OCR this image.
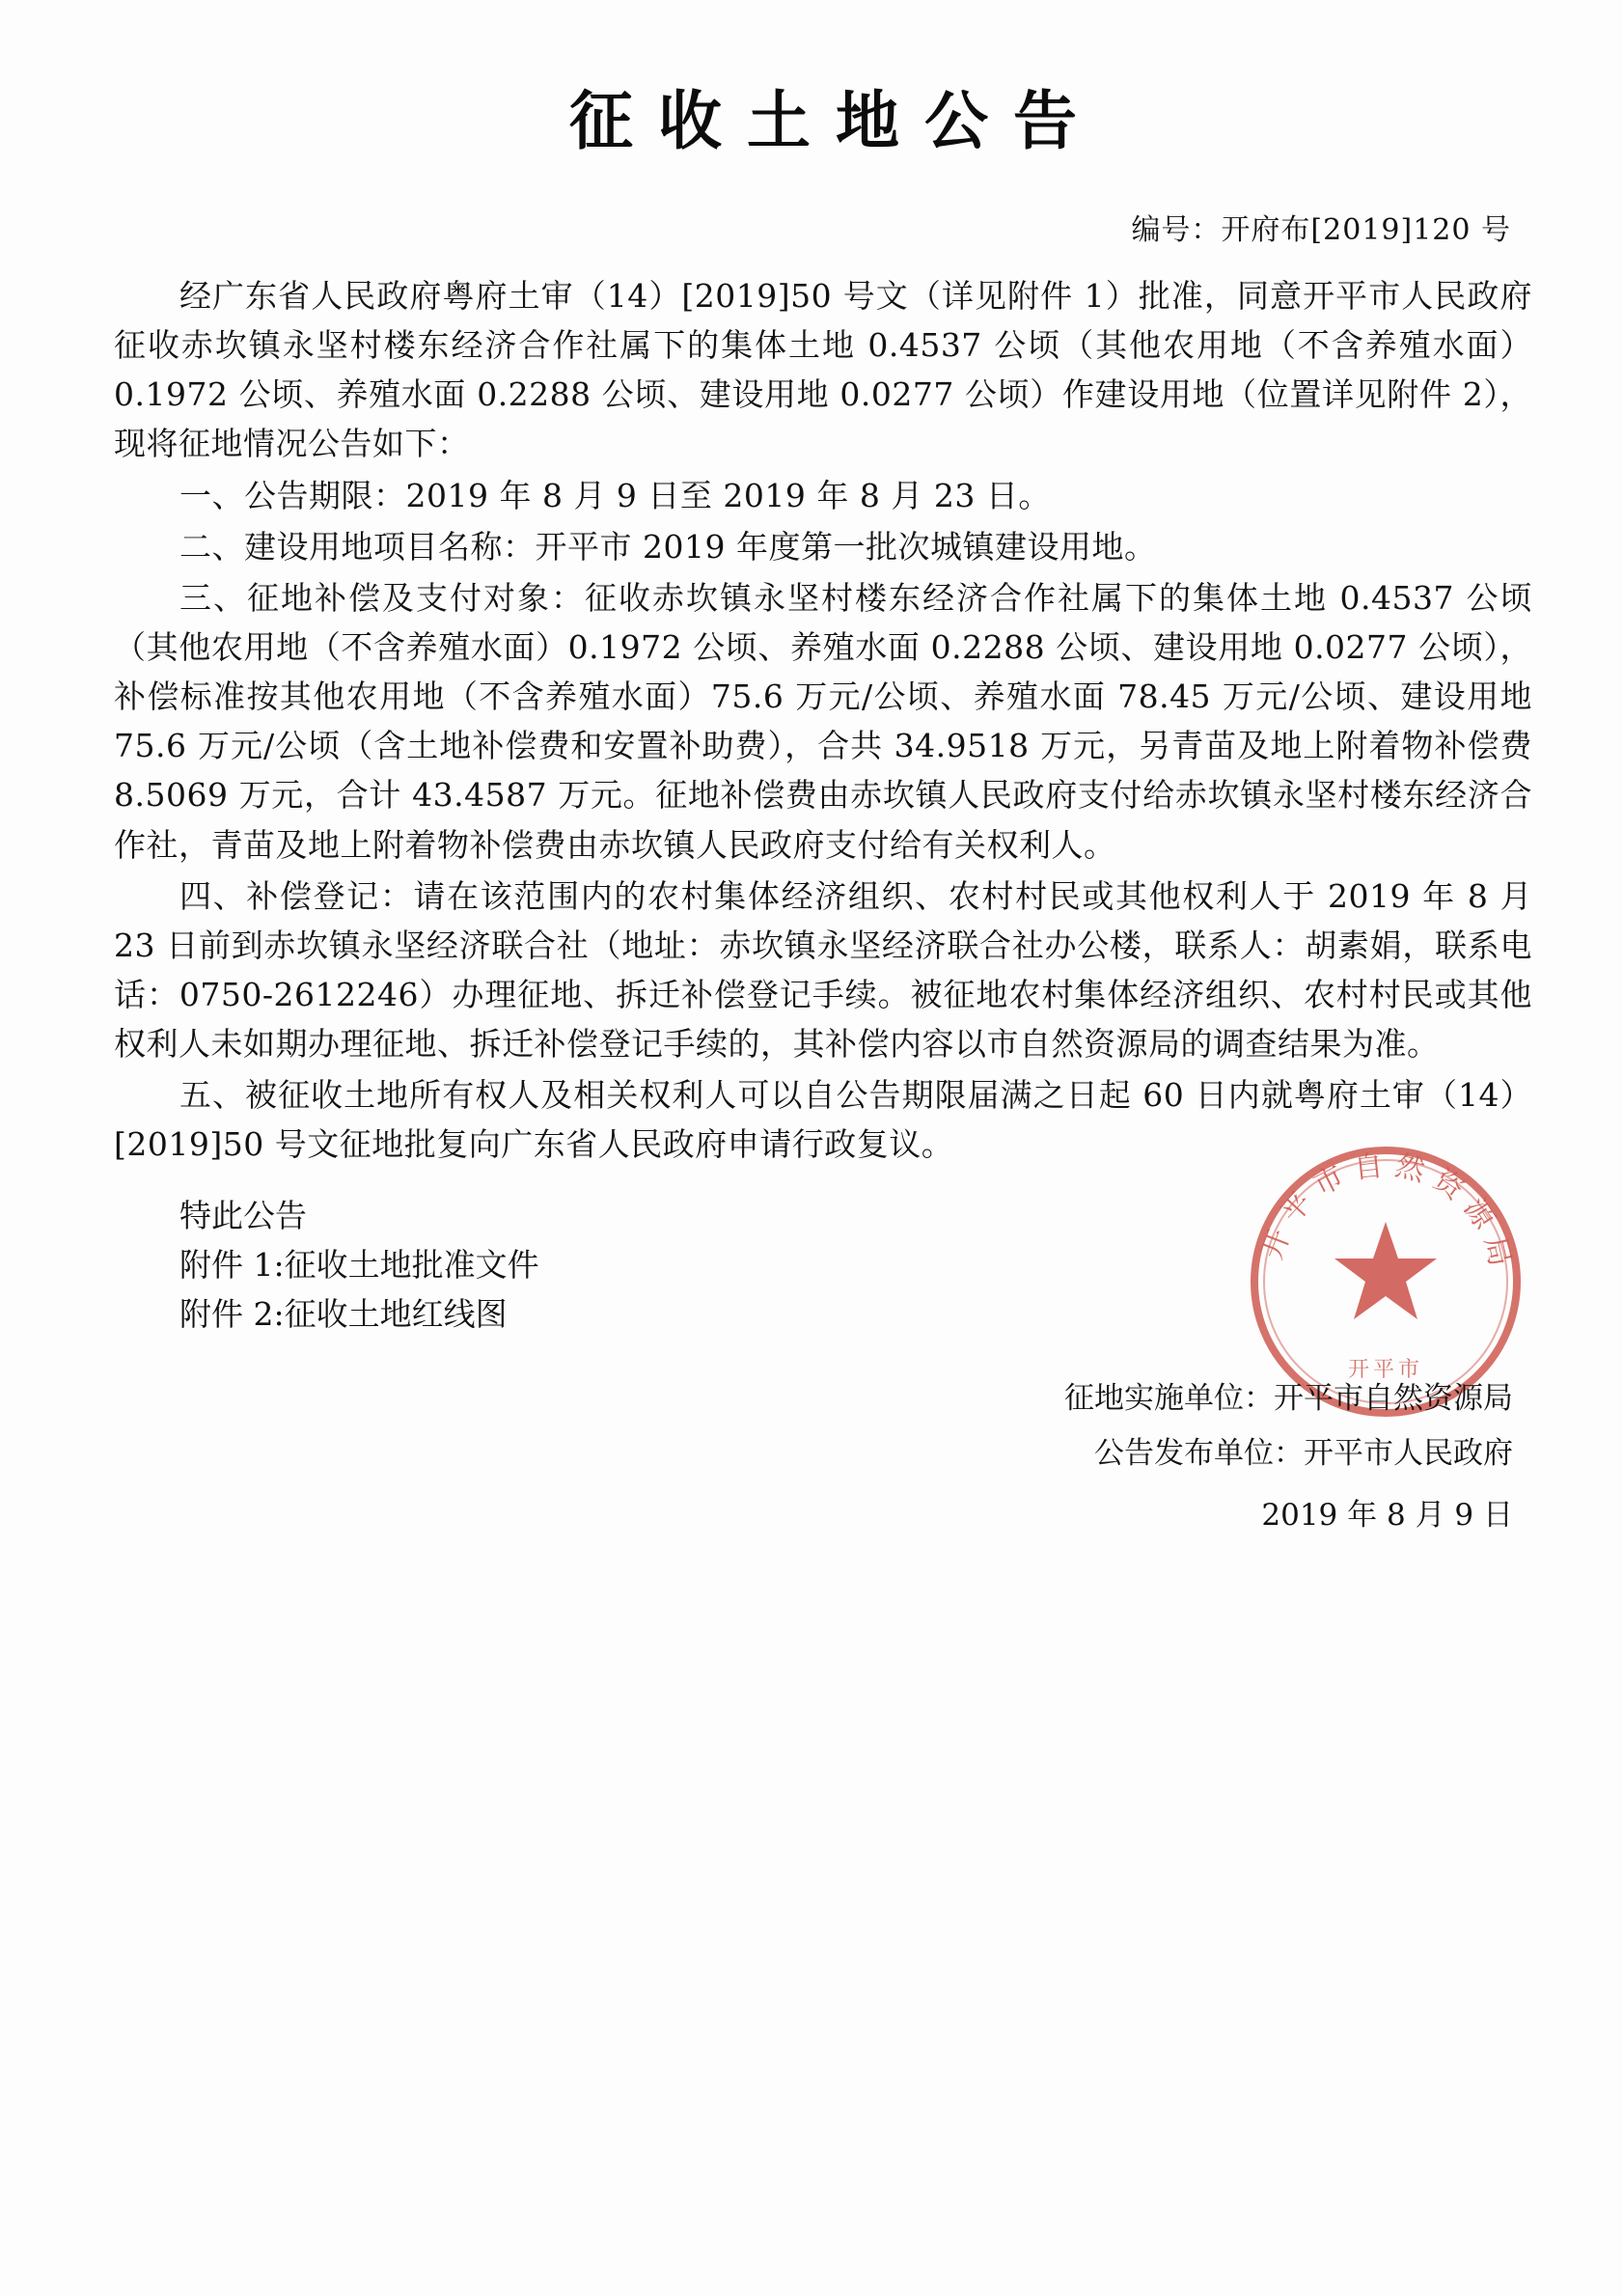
开平市自然资源局
开平市
征收土地公告
编号：开府布[2019]120 号

经广东省人民政府粤府土审（14）[2019]50 号文（详见附件 1）批准，同意开平市人民政府征收赤坎镇永坚村楼东经济合作社属下的集体土地 0.4537 公顷（其他农用地（不含养殖水面）0.1972 公顷、养殖水面 0.2288 公顷、建设用地 0.0277 公顷）作建设用地（位置详见附件 2），现将征地情况公告如下：

一、公告期限：2019 年 8 月 9 日至 2019 年 8 月 23 日。

二、建设用地项目名称：开平市 2019 年度第一批次城镇建设用地。

三、征地补偿及支付对象：征收赤坎镇永坚村楼东经济合作社属下的集体土地 0.4537 公顷（其他农用地（不含养殖水面）0.1972 公顷、养殖水面 0.2288 公顷、建设用地 0.0277 公顷），补偿标准按其他农用地（不含养殖水面）75.6 万元/公顷、养殖水面 78.45 万元/公顷、建设用地 75.6 万元/公顷（含土地补偿费和安置补助费），合共 34.9518 万元，另青苗及地上附着物补偿费 8.5069 万元，合计 43.4587 万元。征地补偿费由赤坎镇人民政府支付给赤坎镇永坚村楼东经济合作社，青苗及地上附着物补偿费由赤坎镇人民政府支付给有关权利人。

四、补偿登记：请在该范围内的农村集体经济组织、农村村民或其他权利人于 2019 年 8 月 23 日前到赤坎镇永坚经济联合社（地址：赤坎镇永坚经济联合社办公楼，联系人：胡素娟，联系电话：0750-2612246）办理征地、拆迁补偿登记手续。被征地农村集体经济组织、农村村民或其他权利人未如期办理征地、拆迁补偿登记手续的，其补偿内容以市自然资源局的调查结果为准。

五、被征收土地所有权人及相关权利人可以自公告期限届满之日起 60 日内就粤府土审（14）[2019]50 号文征地批复向广东省人民政府申请行政复议。

特此公告
附件 1:征收土地批准文件
附件 2:征收土地红线图
征地实施单位：开平市自然资源局
公告发布单位：开平市人民政府
2019 年 8 月 9 日
